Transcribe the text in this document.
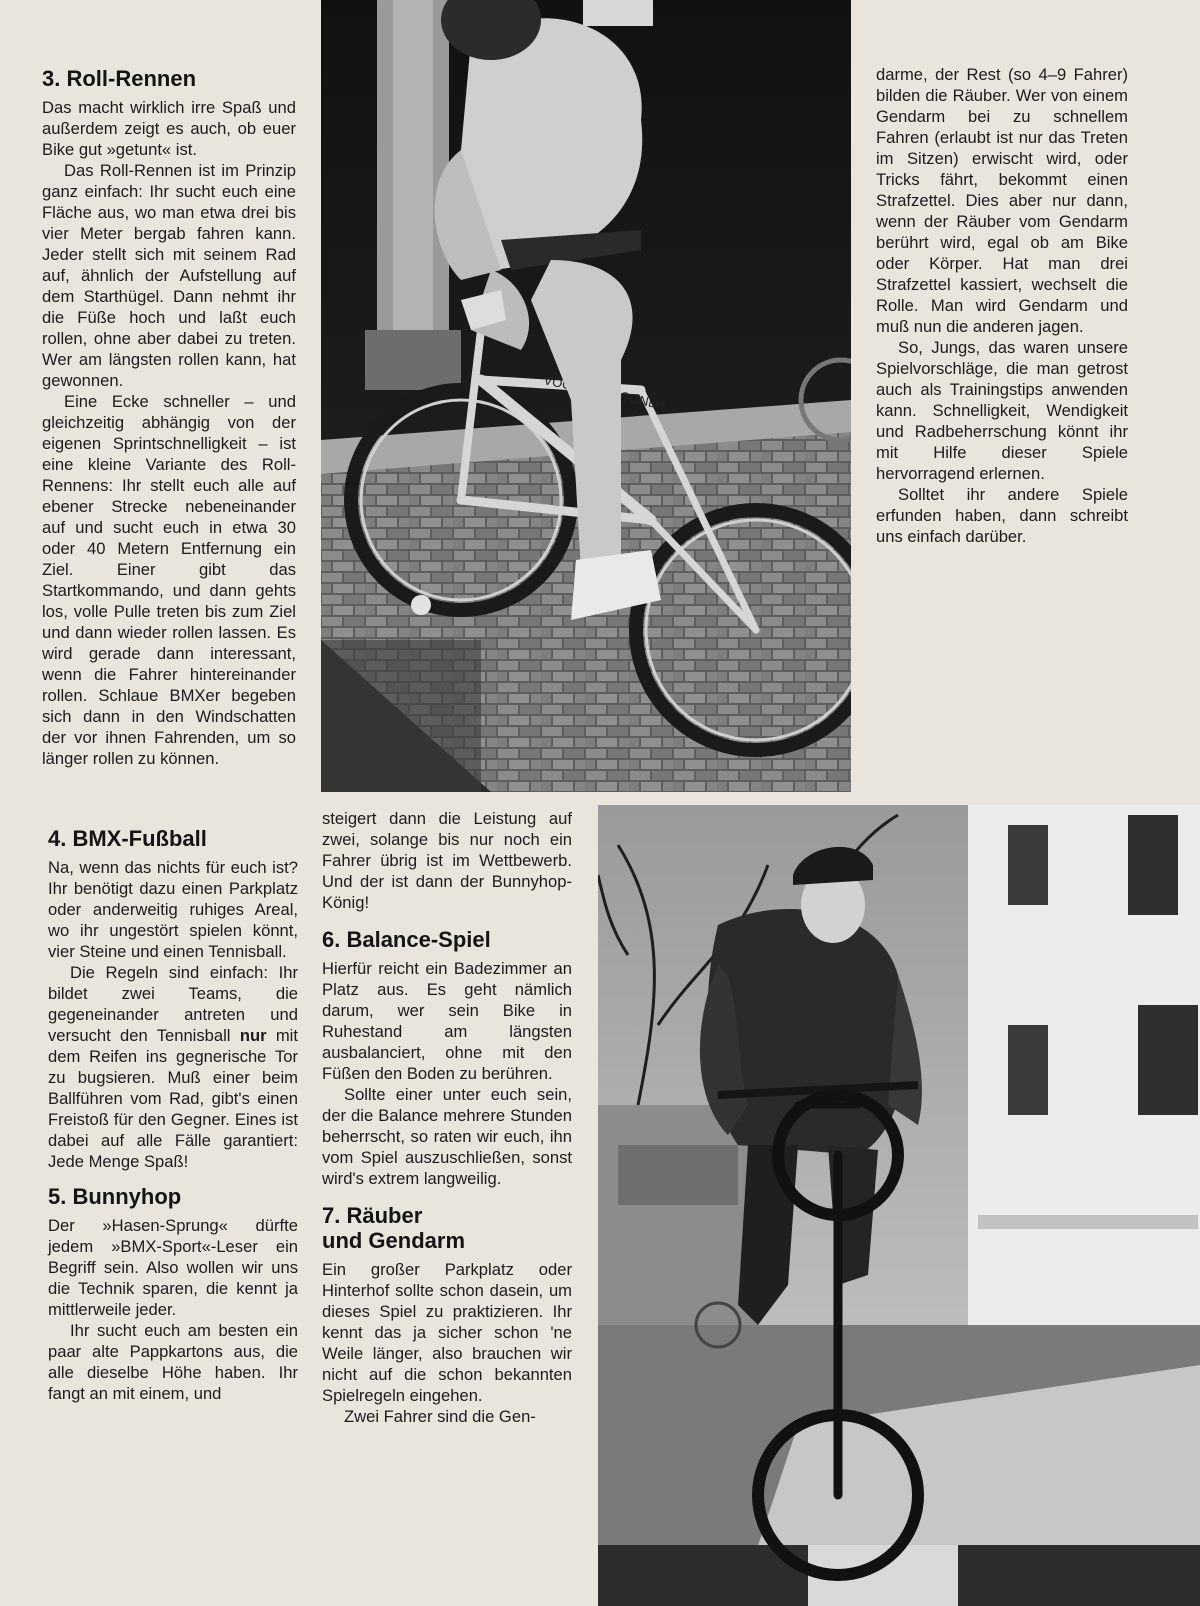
3. Roll-Rennen

Das macht wirklich irre Spaß und außerdem zeigt es auch, ob euer Bike gut »getunt« ist.

Das Roll-Rennen ist im Prinzip ganz einfach: Ihr sucht euch eine Fläche aus, wo man etwa drei bis vier Meter bergab fahren kann. Jeder stellt sich mit seinem Rad auf, ähnlich der Aufstellung auf dem Starthügel. Dann nehmt ihr die Füße hoch und laßt euch rollen, ohne aber dabei zu treten. Wer am längsten rollen kann, hat gewonnen.

Eine Ecke schneller – und gleichzeitig abhängig von der eigenen Sprintschnelligkeit – ist eine kleine Variante des Roll-Rennens: Ihr stellt euch alle auf ebener Strecke nebeneinander auf und sucht euch in etwa 30 oder 40 Metern Entfernung ein Ziel. Einer gibt das Startkommando, und dann gehts los, volle Pulle treten bis zum Ziel und dann wieder rollen lassen. Es wird gerade dann interessant, wenn die Fahrer hintereinander rollen. Schlaue BMXer begeben sich dann in den Windschatten der vor ihnen Fahrenden, um so länger rollen zu können.

4. BMX-Fußball

Na, wenn das nichts für euch ist? Ihr benötigt dazu einen Parkplatz oder anderweitig ruhiges Areal, wo ihr ungestört spielen könnt, vier Steine und einen Tennisball.

Die Regeln sind einfach: Ihr bildet zwei Teams, die gegeneinander antreten und versucht den Tennisball nur mit dem Reifen ins gegnerische Tor zu bugsieren. Muß einer beim Ballführen vom Rad, gibt's einen Freistoß für den Gegner. Eines ist dabei auf alle Fälle garantiert: Jede Menge Spaß!

5. Bunnyhop

Der »Hasen-Sprung« dürfte jedem »BMX-Sport«-Leser ein Begriff sein. Also wollen wir uns die Technik sparen, die kennt ja mittlerweile jeder.

Ihr sucht euch am besten ein paar alte Pappkartons aus, die alle dieselbe Höhe haben. Ihr fangt an mit einem, und

steigert dann die Leistung auf zwei, solange bis nur noch ein Fahrer übrig ist im Wettbewerb. Und der ist dann der Bunnyhop-König!

6. Balance-Spiel

Hierfür reicht ein Badezimmer an Platz aus. Es geht nämlich darum, wer sein Bike in Ruhestand am längsten ausbalanciert, ohne mit den Füßen den Boden zu berühren.

Sollte einer unter euch sein, der die Balance mehrere Stunden beherrscht, so raten wir euch, ihn vom Spiel auszuschließen, sonst wird's extrem langweilig.

7. Räuber
und Gendarm

Ein großer Parkplatz oder Hinterhof sollte schon dasein, um dieses Spiel zu praktizieren. Ihr kennt das ja sicher schon 'ne Weile länger, also brauchen wir nicht auf die schon bekannten Spielregeln eingehen.

Zwei Fahrer sind die Gen-

darme, der Rest (so 4–9 Fahrer) bilden die Räuber. Wer von einem Gendarm bei zu schnellem Fahren (erlaubt ist nur das Treten im Sitzen) erwischt wird, oder Tricks fährt, bekommt einen Strafzettel. Dies aber nur dann, wenn der Räuber vom Gendarm berührt wird, egal ob am Bike oder Körper. Hat man drei Strafzettel kassiert, wechselt die Rolle. Man wird Gendarm und muß nun die anderen jagen.

So, Jungs, das waren unsere Spielvorschläge, die man getrost auch als Trainingstips anwenden kann. Schnelligkeit, Wendigkeit und Radbeherrschung könnt ihr mit Hilfe dieser Spiele hervorragend erlernen.

Solltet ihr andere Spiele erfunden haben, dann schreibt uns einfach darüber.

ACONDA
